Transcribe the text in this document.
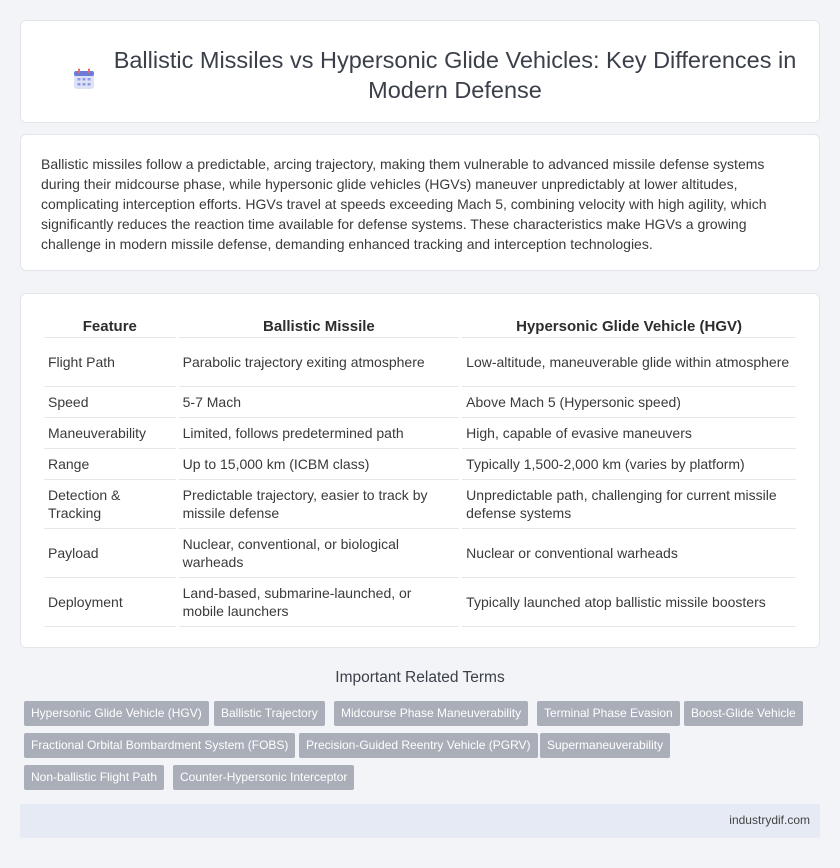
Ballistic Missiles vs Hypersonic Glide Vehicles: Key Differences in Modern Defense

Ballistic missiles follow a predictable, arcing trajectory, making them vulnerable to advanced missile defense systems during their midcourse phase, while hypersonic glide vehicles (HGVs) maneuver unpredictably at lower altitudes, complicating interception efforts. HGVs travel at speeds exceeding Mach 5, combining velocity with high agility, which significantly reduces the reaction time available for defense systems. These characteristics make HGVs a growing challenge in modern missile defense, demanding enhanced tracking and interception technologies.

Feature	Ballistic Missile	Hypersonic Glide Vehicle (HGV)
Flight Path	Parabolic trajectory exiting atmosphere	Low-altitude, maneuverable glide within atmosphere
Speed	5-7 Mach	Above Mach 5 (Hypersonic speed)
Maneuverability	Limited, follows predetermined path	High, capable of evasive maneuvers
Range	Up to 15,000 km (ICBM class)	Typically 1,500-2,000 km (varies by platform)
Detection & Tracking	Predictable trajectory, easier to track by missile defense	Unpredictable path, challenging for current missile defense systems
Payload	Nuclear, conventional, or biological warheads	Nuclear or conventional warheads
Deployment	Land-based, submarine-launched, or mobile launchers	Typically launched atop ballistic missile boosters
Important Related Terms
Hypersonic Glide Vehicle (HGV)	Ballistic Trajectory	Midcourse Phase Maneuverability	Terminal Phase Evasion	Boost-Glide Vehicle
Fractional Orbital Bombardment System (FOBS)	Precision-Guided Reentry Vehicle (PGRV)	Supermaneuverability
Non-ballistic Flight Path	Counter-Hypersonic Interceptor
industrydif.com
